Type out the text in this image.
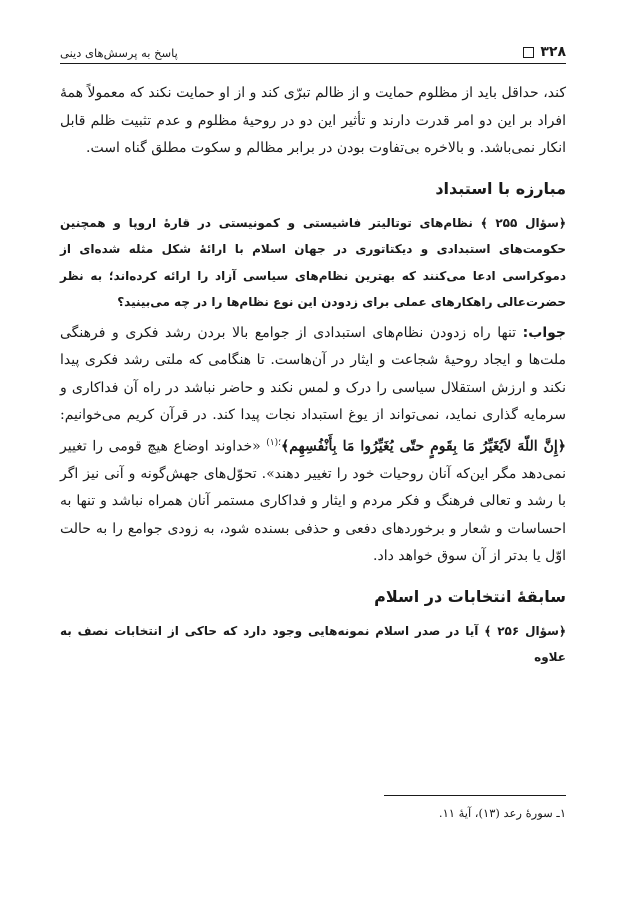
۳۲۸
پاسخ به پرسش‌های دینی

کند، حداقل باید از مظلوم حمایت و از ظالم تبرّی کند و از او حمایت نکند که معمولاً همهٔ افراد بر این دو امر قدرت دارند و تأثیر این دو در روحیهٔ مظلوم و عدم تثبیت ظلم قابل انکار نمی‌باشد. و بالاخره بی‌تفاوت بودن در برابر مظالم و سکوت مطلق گناه است.

مبارزه با استبداد

﴿سؤال ۲۵۵ ﴾ نظام‌های توتالیتر فاشیستی و کمونیستی در قارهٔ اروپا و همچنین حکومت‌های استبدادی و دیکتاتوری در جهان اسلام با ارائهٔ شکل مثله شده‌ای از دموکراسی ادعا می‌کنند که بهترین نظام‌های سیاسی آزاد را ارائه کرده‌اند؛ به نظر حضرت‌عالی راهکارهای عملی برای زدودن این نوع نظام‌ها را در چه می‌بینید؟

جواب: تنها راه زدودن نظام‌های استبدادی از جوامع بالا بردن رشد فکری و فرهنگی ملت‌ها و ایجاد روحیهٔ شجاعت و ایثار در آن‌هاست. تا هنگامی که ملتی رشد فکری پیدا نکند و ارزش استقلال سیاسی را درک و لمس نکند و حاضر نباشد در راه آن فداکاری و سرمایه گذاری نماید، نمی‌تواند از یوغ استبداد نجات پیدا کند. در قرآن کریم می‌خوانیم: ﴿إِنَّ اللّهَ لاَیُغَیِّرُ مَا بِقَومٍ حتّى یُغَیِّرُوا مَا بِأَنْفُسِهِم﴾$^{؛(۱)}$ «خداوند اوضاع هیچ قومی را تغییر نمی‌دهد مگر این‌که آنان روحیات خود را تغییر دهند». تحوّل‌های جهش‌گونه و آنی نیز اگر با رشد و تعالی فرهنگ و فکر مردم و ایثار و فداکاری مستمر آنان همراه نباشد و تنها به احساسات و شعار و برخوردهای دفعی و حذفی بسنده شود، به زودی جوامع را به حالت اوّل یا بدتر از آن سوق خواهد داد.

سابقهٔ انتخابات در اسلام

﴿سؤال ۲۵۶ ﴾ آیا در صدر اسلام نمونه‌هایی وجود دارد که حاکی از انتخابات نصف به علاوه

۱ـ سورهٔ رعد (۱۳)، آیهٔ ۱۱.
